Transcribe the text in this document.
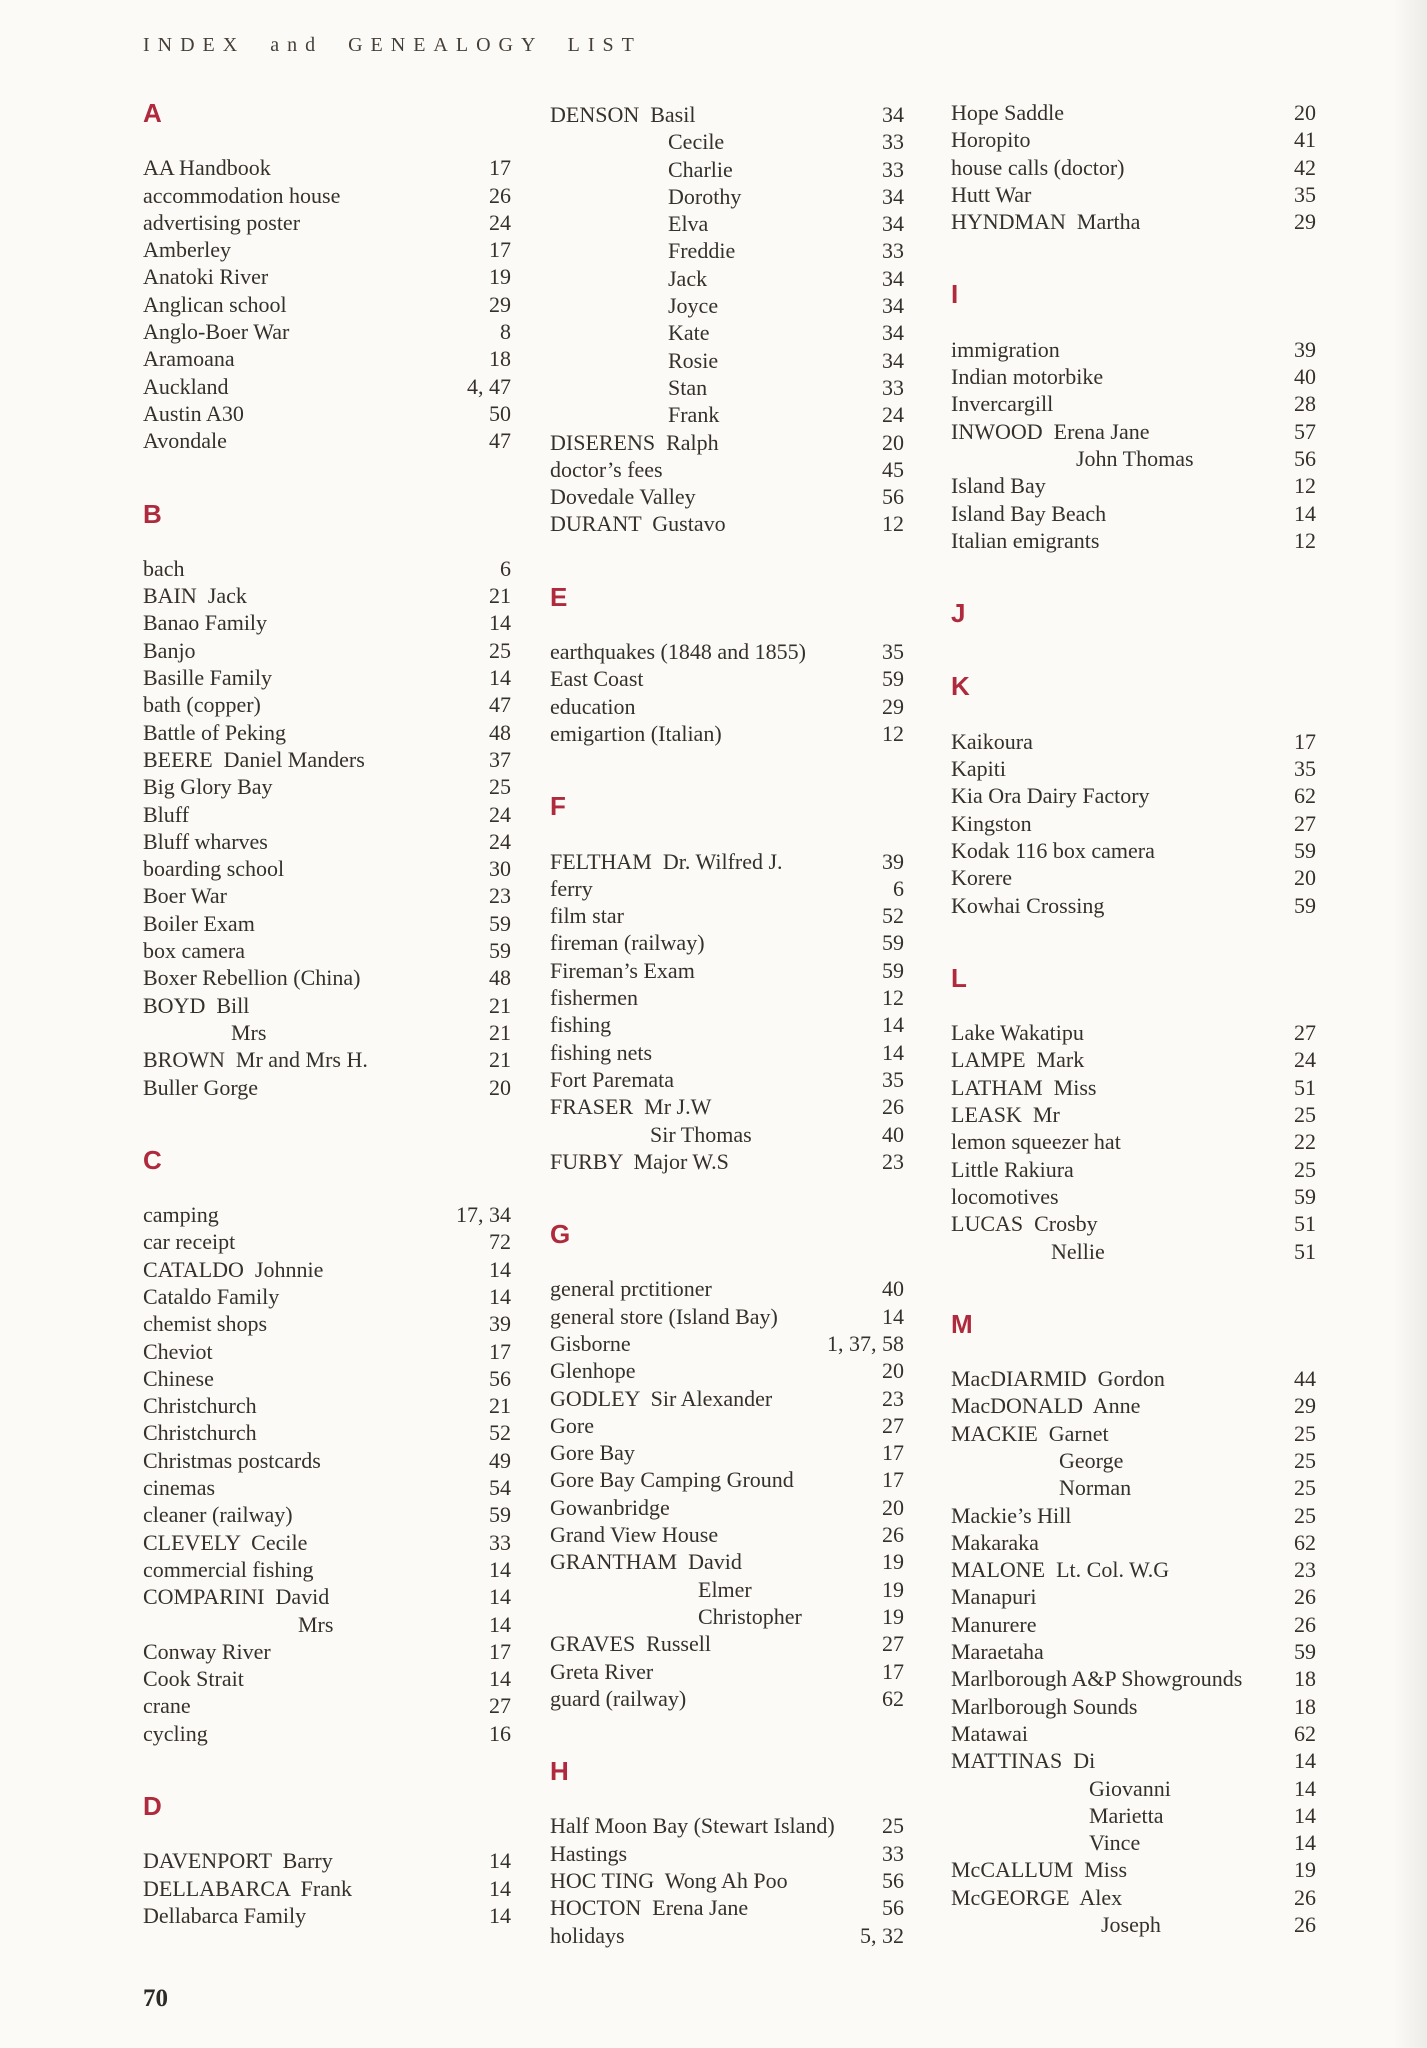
INDEX and GENEALOGY LIST
A
AA Handbook	17
accommodation house	26
advertising poster	24
Amberley	17
Anatoki River	19
Anglican school	29
Anglo-Boer War	8
Aramoana	18
Auckland	4, 47
Austin A30	50
Avondale	47
B
bach	6
BAIN  Jack	21
Banao Family	14
Banjo	25
Basille Family	14
bath (copper)	47
Battle of Peking	48
BEERE  Daniel Manders	37
Big Glory Bay	25
Bluff	24
Bluff wharves	24
boarding school	30
Boer War	23
Boiler Exam	59
box camera	59
Boxer Rebellion (China)	48
BOYD  Bill	21
Mrs	21
BROWN  Mr and Mrs H.	21
Buller Gorge	20
C
camping	17, 34
car receipt	72
CATALDO  Johnnie	14
Cataldo Family	14
chemist shops	39
Cheviot	17
Chinese	56
Christchurch	21
Christchurch	52
Christmas postcards	49
cinemas	54
cleaner (railway)	59
CLEVELY  Cecile	33
commercial fishing	14
COMPARINI  David	14
Mrs	14
Conway River	17
Cook Strait	14
crane	27
cycling	16
D
DAVENPORT  Barry	14
DELLABARCA  Frank	14
Dellabarca Family	14
DENSON  Basil	34
Cecile	33
Charlie	33
Dorothy	34
Elva	34
Freddie	33
Jack	34
Joyce	34
Kate	34
Rosie	34
Stan	33
Frank	24
DISERENS  Ralph	20
doctor’s fees	45
Dovedale Valley	56
DURANT  Gustavo	12
E
earthquakes (1848 and 1855)	35
East Coast	59
education	29
emigartion (Italian)	12
F
FELTHAM  Dr. Wilfred J.	39
ferry	6
film star	52
fireman (railway)	59
Fireman’s Exam	59
fishermen	12
fishing	14
fishing nets	14
Fort Paremata	35
FRASER  Mr J.W	26
Sir Thomas	40
FURBY  Major W.S	23
G
general prctitioner	40
general store (Island Bay)	14
Gisborne	1, 37, 58
Glenhope	20
GODLEY  Sir Alexander	23
Gore	27
Gore Bay	17
Gore Bay Camping Ground	17
Gowanbridge	20
Grand View House	26
GRANTHAM  David	19
Elmer	19
Christopher	19
GRAVES  Russell	27
Greta River	17
guard (railway)	62
H
Half Moon Bay (Stewart Island)	25
Hastings	33
HOC TING  Wong Ah Poo	56
HOCTON  Erena Jane	56
holidays	5, 32
Hope Saddle	20
Horopito	41
house calls (doctor)	42
Hutt War	35
HYNDMAN  Martha	29
I
immigration	39
Indian motorbike	40
Invercargill	28
INWOOD  Erena Jane	57
John Thomas	56
Island Bay	12
Island Bay Beach	14
Italian emigrants	12
J
K
Kaikoura	17
Kapiti	35
Kia Ora Dairy Factory	62
Kingston	27
Kodak 116 box camera	59
Korere	20
Kowhai Crossing	59
L
Lake Wakatipu	27
LAMPE  Mark	24
LATHAM  Miss	51
LEASK  Mr	25
lemon squeezer hat	22
Little Rakiura	25
locomotives	59
LUCAS  Crosby	51
Nellie	51
M
MacDIARMID  Gordon	44
MacDONALD  Anne	29
MACKIE  Garnet	25
George	25
Norman	25
Mackie’s Hill	25
Makaraka	62
MALONE  Lt. Col. W.G	23
Manapuri	26
Manurere	26
Maraetaha	59
Marlborough A&P Showgrounds	18
Marlborough Sounds	18
Matawai	62
MATTINAS  Di	14
Giovanni	14
Marietta	14
Vince	14
McCALLUM  Miss	19
McGEORGE  Alex	26
Joseph	26
70
